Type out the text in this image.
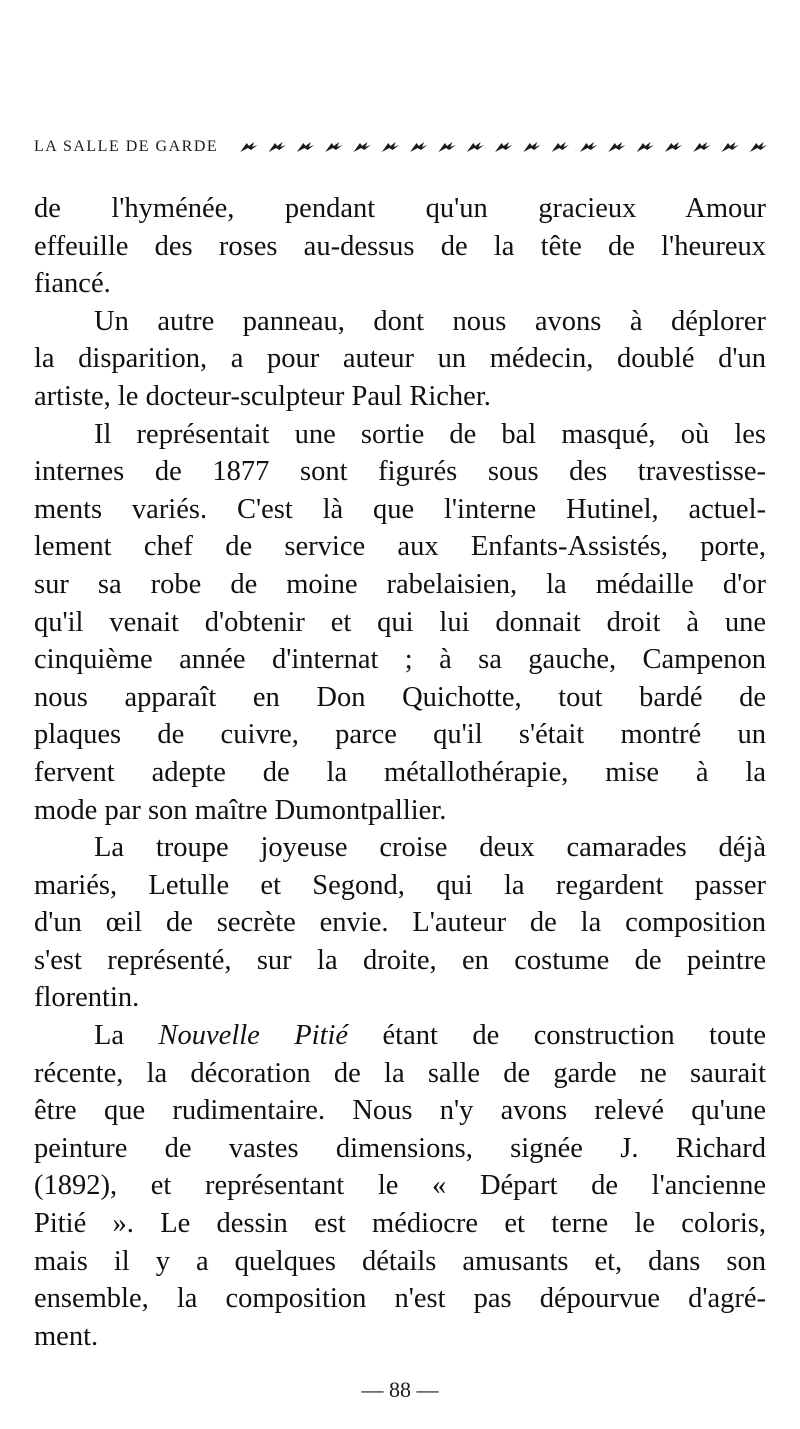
LA SALLE DE GARDE
de l'hyménée, pendant qu'un gracieux Amour
effeuille des roses au-dessus de la tête de l'heureux
fiancé.
Un autre panneau, dont nous avons à déplorer
la disparition, a pour auteur un médecin, doublé d'un
artiste, le docteur-sculpteur Paul Richer.
Il représentait une sortie de bal masqué, où les
internes de 1877 sont figurés sous des travestisse-
ments variés. C'est là que l'interne Hutinel, actuel-
lement chef de service aux Enfants-Assistés, porte,
sur sa robe de moine rabelaisien, la médaille d'or
qu'il venait d'obtenir et qui lui donnait droit à une
cinquième année d'internat ; à sa gauche, Campenon
nous apparaît en Don Quichotte, tout bardé de
plaques de cuivre, parce qu'il s'était montré un
fervent adepte de la métallothérapie, mise à la
mode par son maître Dumontpallier.
La troupe joyeuse croise deux camarades déjà
mariés, Letulle et Segond, qui la regardent passer
d'un œil de secrète envie. L'auteur de la composition
s'est représenté, sur la droite, en costume de peintre
florentin.
La Nouvelle Pitié étant de construction toute
récente, la décoration de la salle de garde ne saurait
être que rudimentaire. Nous n'y avons relevé qu'une
peinture de vastes dimensions, signée J. Richard
(1892), et représentant le « Départ de l'ancienne
Pitié ». Le dessin est médiocre et terne le coloris,
mais il y a quelques détails amusants et, dans son
ensemble, la composition n'est pas dépourvue d'agré-
ment.
— 88 —
